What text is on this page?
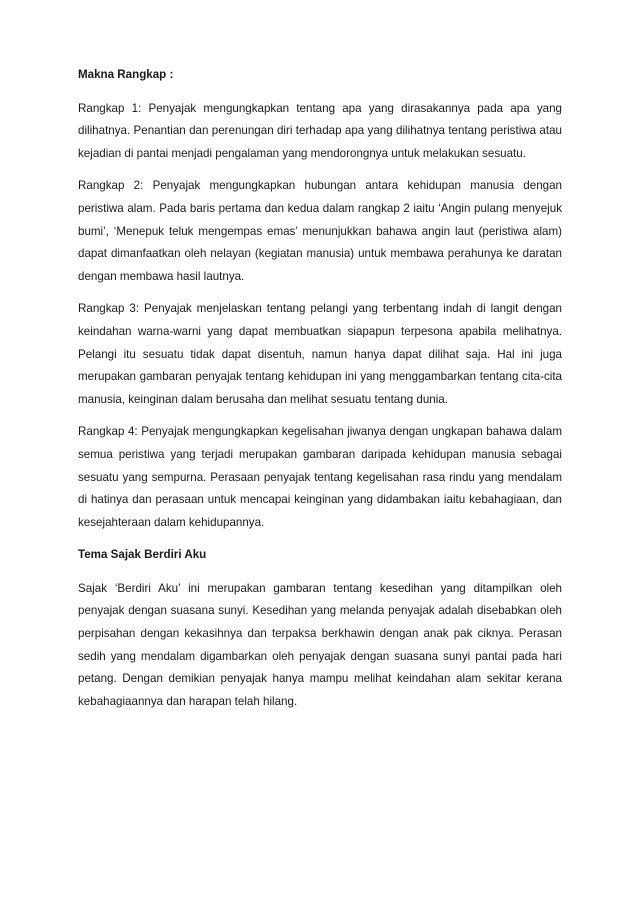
Makna Rangkap :

Rangkap 1: Penyajak mengungkapkan tentang apa yang dirasakannya pada apa yang dilihatnya. Penantian dan perenungan diri terhadap apa yang dilihatnya tentang peristiwa atau kejadian di pantai menjadi pengalaman yang mendorongnya untuk melakukan sesuatu.

Rangkap 2: Penyajak mengungkapkan hubungan antara kehidupan manusia dengan peristiwa alam. Pada baris pertama dan kedua dalam rangkap 2 iaitu ‘Angin pulang menyejuk bumi’, ‘Menepuk teluk mengempas emas’ menunjukkan bahawa angin laut (peristiwa alam) dapat dimanfaatkan oleh nelayan (kegiatan manusia) untuk membawa perahunya ke daratan dengan membawa hasil lautnya.

Rangkap 3: Penyajak menjelaskan tentang pelangi yang terbentang indah di langit dengan keindahan warna-warni yang dapat membuatkan siapapun terpesona apabila melihatnya. Pelangi itu sesuatu tidak dapat disentuh, namun hanya dapat dilihat saja. Hal ini juga merupakan gambaran penyajak tentang kehidupan ini yang menggambarkan tentang cita-cita manusia, keinginan dalam berusaha dan melihat sesuatu tentang dunia.

Rangkap 4: Penyajak mengungkapkan kegelisahan jiwanya dengan ungkapan bahawa dalam semua peristiwa yang terjadi merupakan gambaran daripada kehidupan manusia sebagai sesuatu yang sempurna. Perasaan penyajak tentang kegelisahan rasa rindu yang mendalam di hatinya dan perasaan untuk mencapai keinginan yang didambakan iaitu kebahagiaan, dan kesejahteraan dalam kehidupannya.

Tema Sajak Berdiri Aku

Sajak ‘Berdiri Aku’ ini merupakan gambaran tentang kesedihan yang ditampilkan oleh penyajak dengan suasana sunyi. Kesedihan yang melanda penyajak adalah disebabkan oleh perpisahan dengan kekasihnya dan terpaksa berkhawin dengan anak pak ciknya. Perasan sedih yang mendalam digambarkan oleh penyajak dengan suasana sunyi pantai pada hari petang. Dengan demikian penyajak hanya mampu melihat keindahan alam sekitar kerana kebahagiaannya dan harapan telah hilang.
